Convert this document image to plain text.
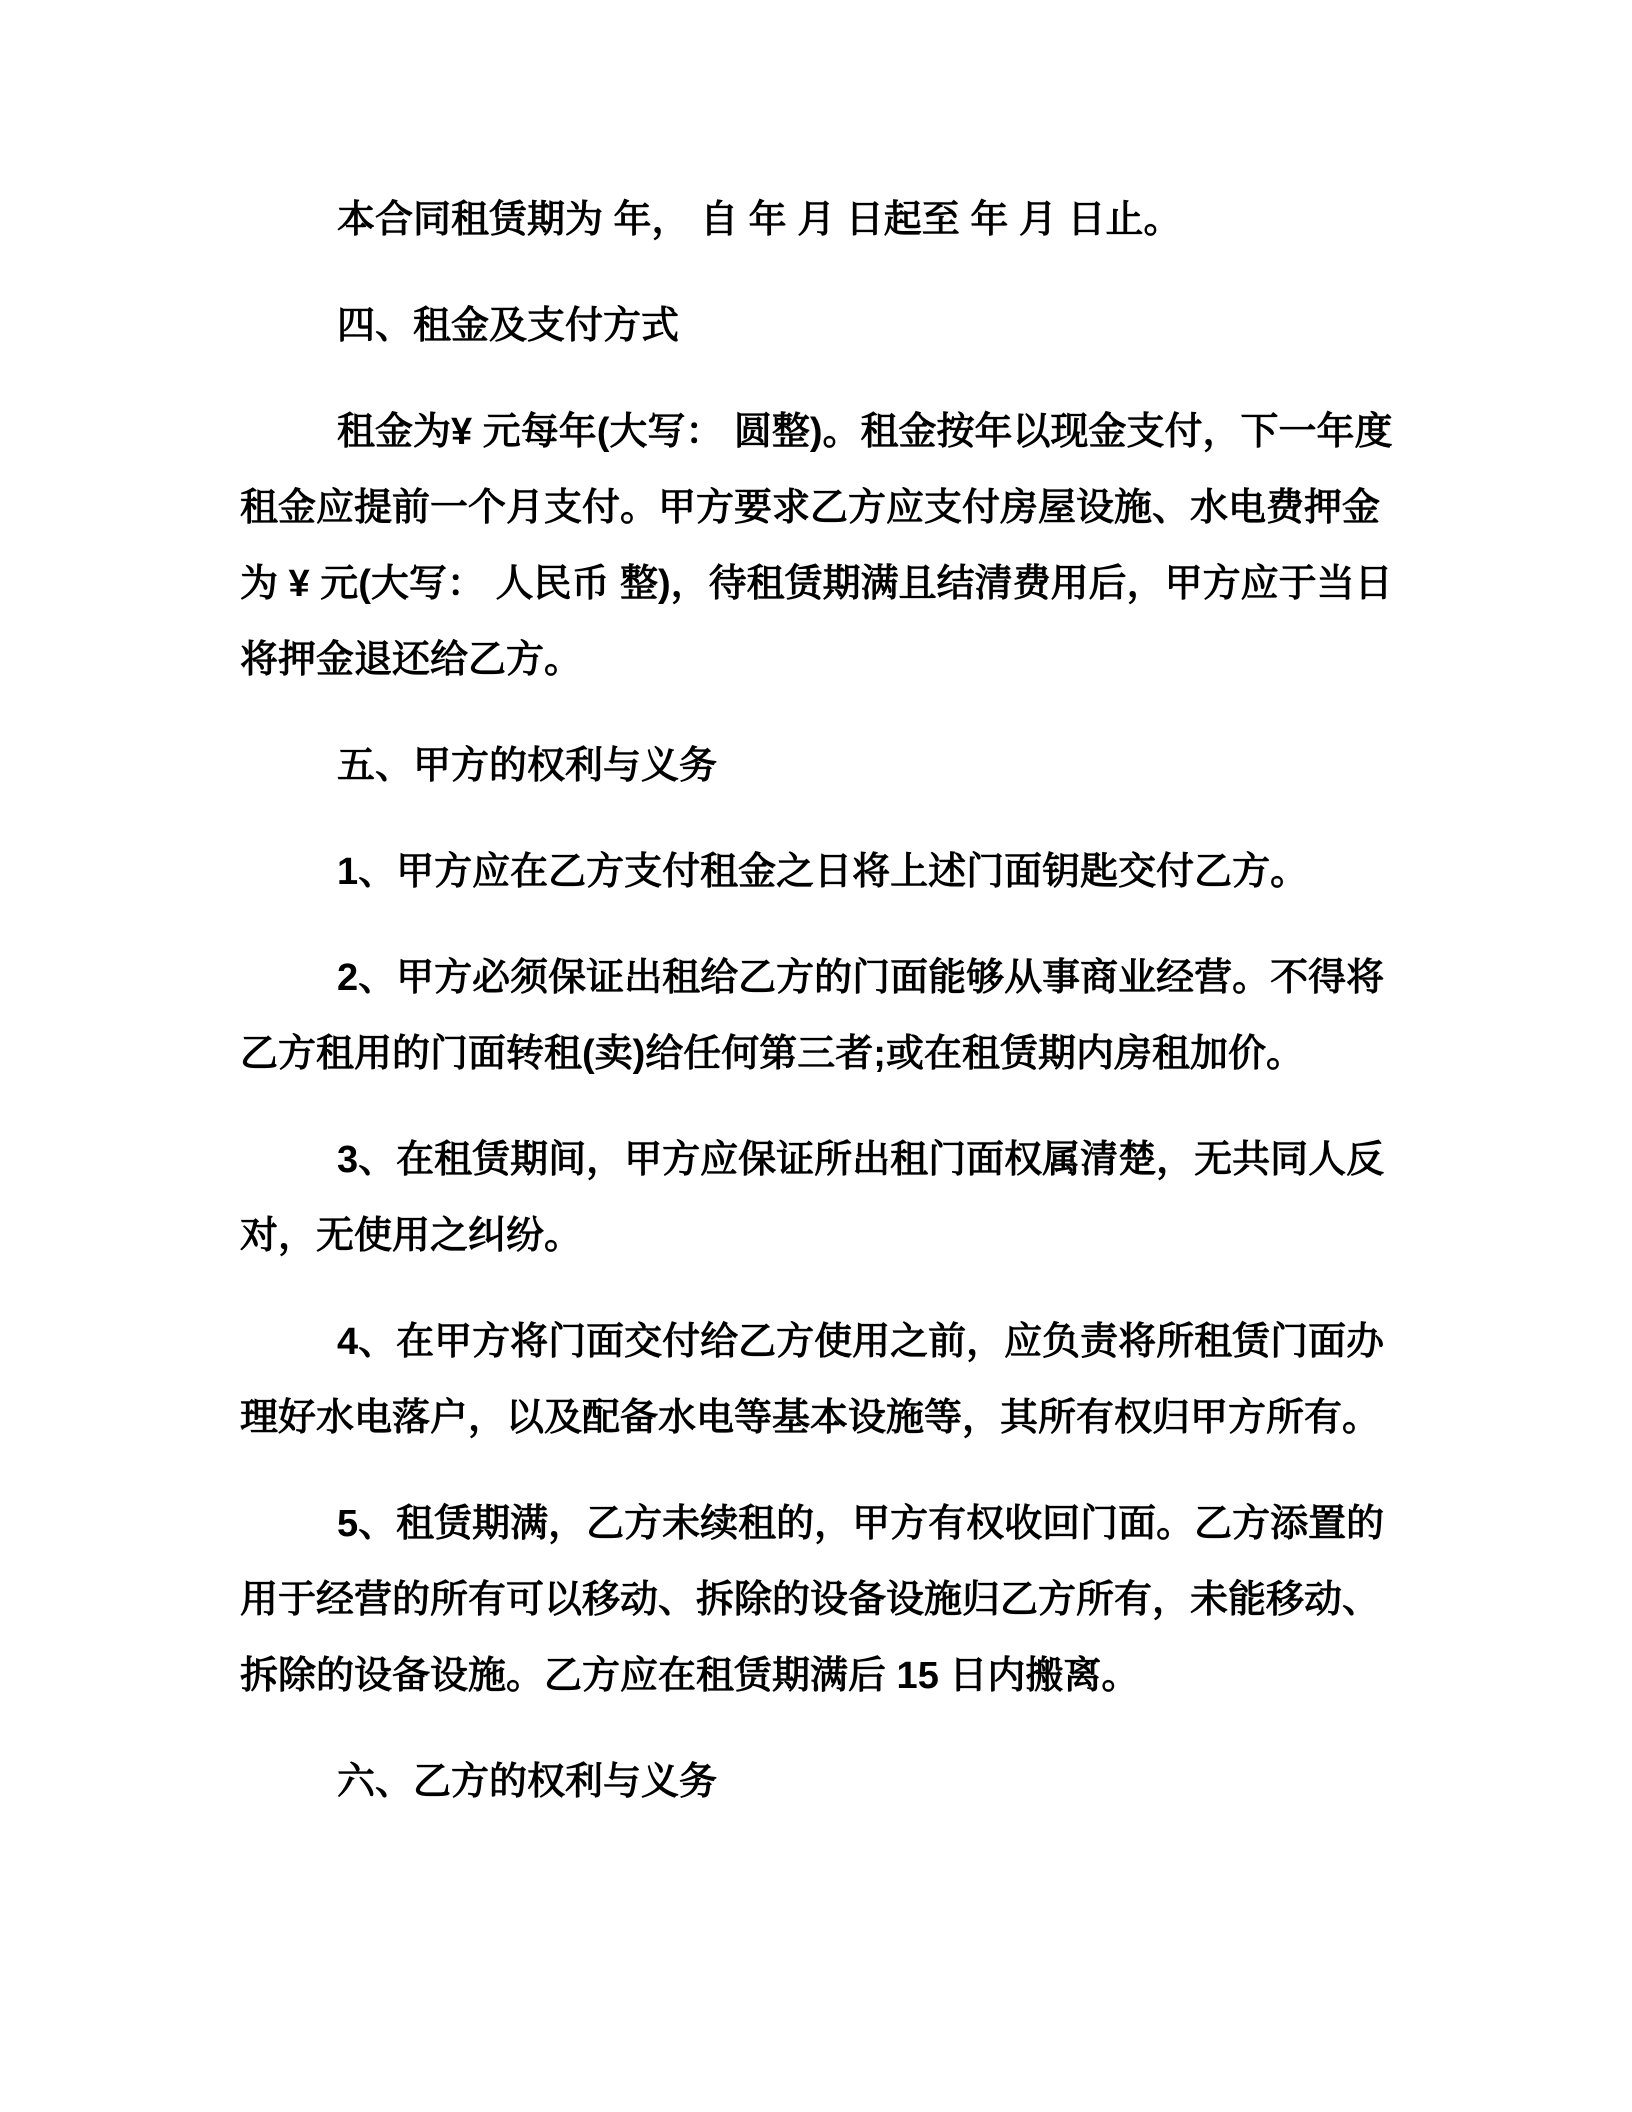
本合同租赁期为 年， 自 年 月 日起至 年 月 日止。
四、租金及支付方式
租金为¥ 元每年(大写： 圆整)。租金按年以现金支付，下一年度
租金应提前一个月支付。甲方要求乙方应支付房屋设施、水电费押金
为 ¥ 元(大写： 人民币 整)，待租赁期满且结清费用后，甲方应于当日
将押金退还给乙方。
五、甲方的权利与义务
1、甲方应在乙方支付租金之日将上述门面钥匙交付乙方。
2、甲方必须保证出租给乙方的门面能够从事商业经营。不得将
乙方租用的门面转租(卖)给任何第三者;或在租赁期内房租加价。
3、在租赁期间，甲方应保证所出租门面权属清楚，无共同人反
对，无使用之纠纷。
4、在甲方将门面交付给乙方使用之前，应负责将所租赁门面办
理好水电落户，以及配备水电等基本设施等，其所有权归甲方所有。
5、租赁期满，乙方未续租的，甲方有权收回门面。乙方添置的
用于经营的所有可以移动、拆除的设备设施归乙方所有，未能移动、
拆除的设备设施。乙方应在租赁期满后 15 日内搬离。
六、乙方的权利与义务
